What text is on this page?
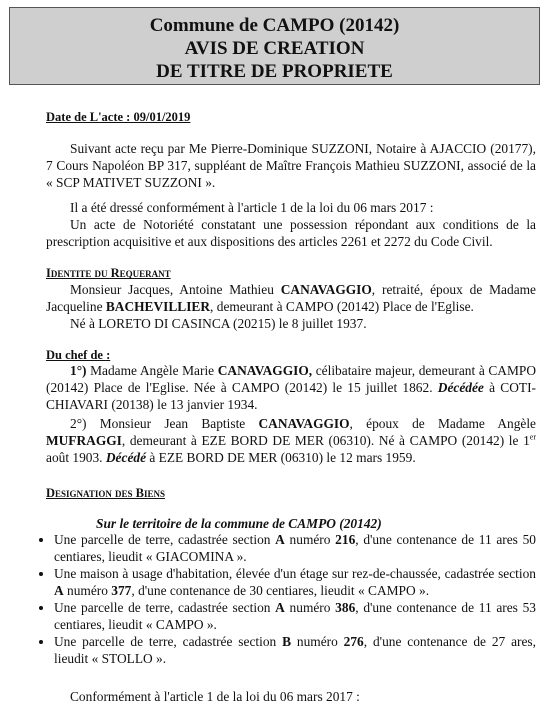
Commune de CAMPO (20142)
AVIS DE CREATION
DE TITRE DE PROPRIETE
Date de L'acte : 09/01/2019
Suivant acte reçu par Me Pierre-Dominique SUZZONI, Notaire à AJACCIO (20177), 7 Cours Napoléon BP 317, suppléant de Maître François Mathieu SUZZONI, associé de la « SCP MATIVET SUZZONI ».
Il a été dressé conformément à l'article 1 de la loi du 06 mars 2017 :
Un acte de Notoriété constatant une possession répondant aux conditions de la prescription acquisitive et aux dispositions des articles 2261 et 2272 du Code Civil.
Identite du Requerant
Monsieur Jacques, Antoine Mathieu CANAVAGGIO, retraité, époux de Madame Jacqueline BACHEVILLIER, demeurant à CAMPO (20142) Place de l'Eglise.
Né à LORETO DI CASINCA (20215) le 8 juillet 1937.
Du chef de :
1°) Madame Angèle Marie CANAVAGGIO, célibataire majeur, demeurant à CAMPO (20142) Place de l'Eglise. Née à CAMPO (20142) le 15 juillet 1862. Décédée à COTI-CHIAVARI (20138) le 13 janvier 1934.
2°) Monsieur Jean Baptiste CANAVAGGIO, époux de Madame Angèle MUFRAGGI, demeurant à EZE BORD DE MER (06310). Né à CAMPO (20142) le 1er août 1903. Décédé à EZE BORD DE MER (06310) le 12 mars 1959.
Designation des Biens
Sur le territoire de la commune de CAMPO (20142)
• Une parcelle de terre, cadastrée section A numéro 216, d'une contenance de 11 ares 50 centiares, lieudit « GIACOMINA ».
• Une maison à usage d'habitation, élevée d'un étage sur rez-de-chaussée, cadastrée section A numéro 377, d'une contenance de 30 centiares, lieudit « CAMPO ».
• Une parcelle de terre, cadastrée section A numéro 386, d'une contenance de 11 ares 53 centiares, lieudit « CAMPO ».
• Une parcelle de terre, cadastrée section B numéro 276, d'une contenance de 27 ares, lieudit « STOLLO ».
Conformément à l'article 1 de la loi du 06 mars 2017 :
